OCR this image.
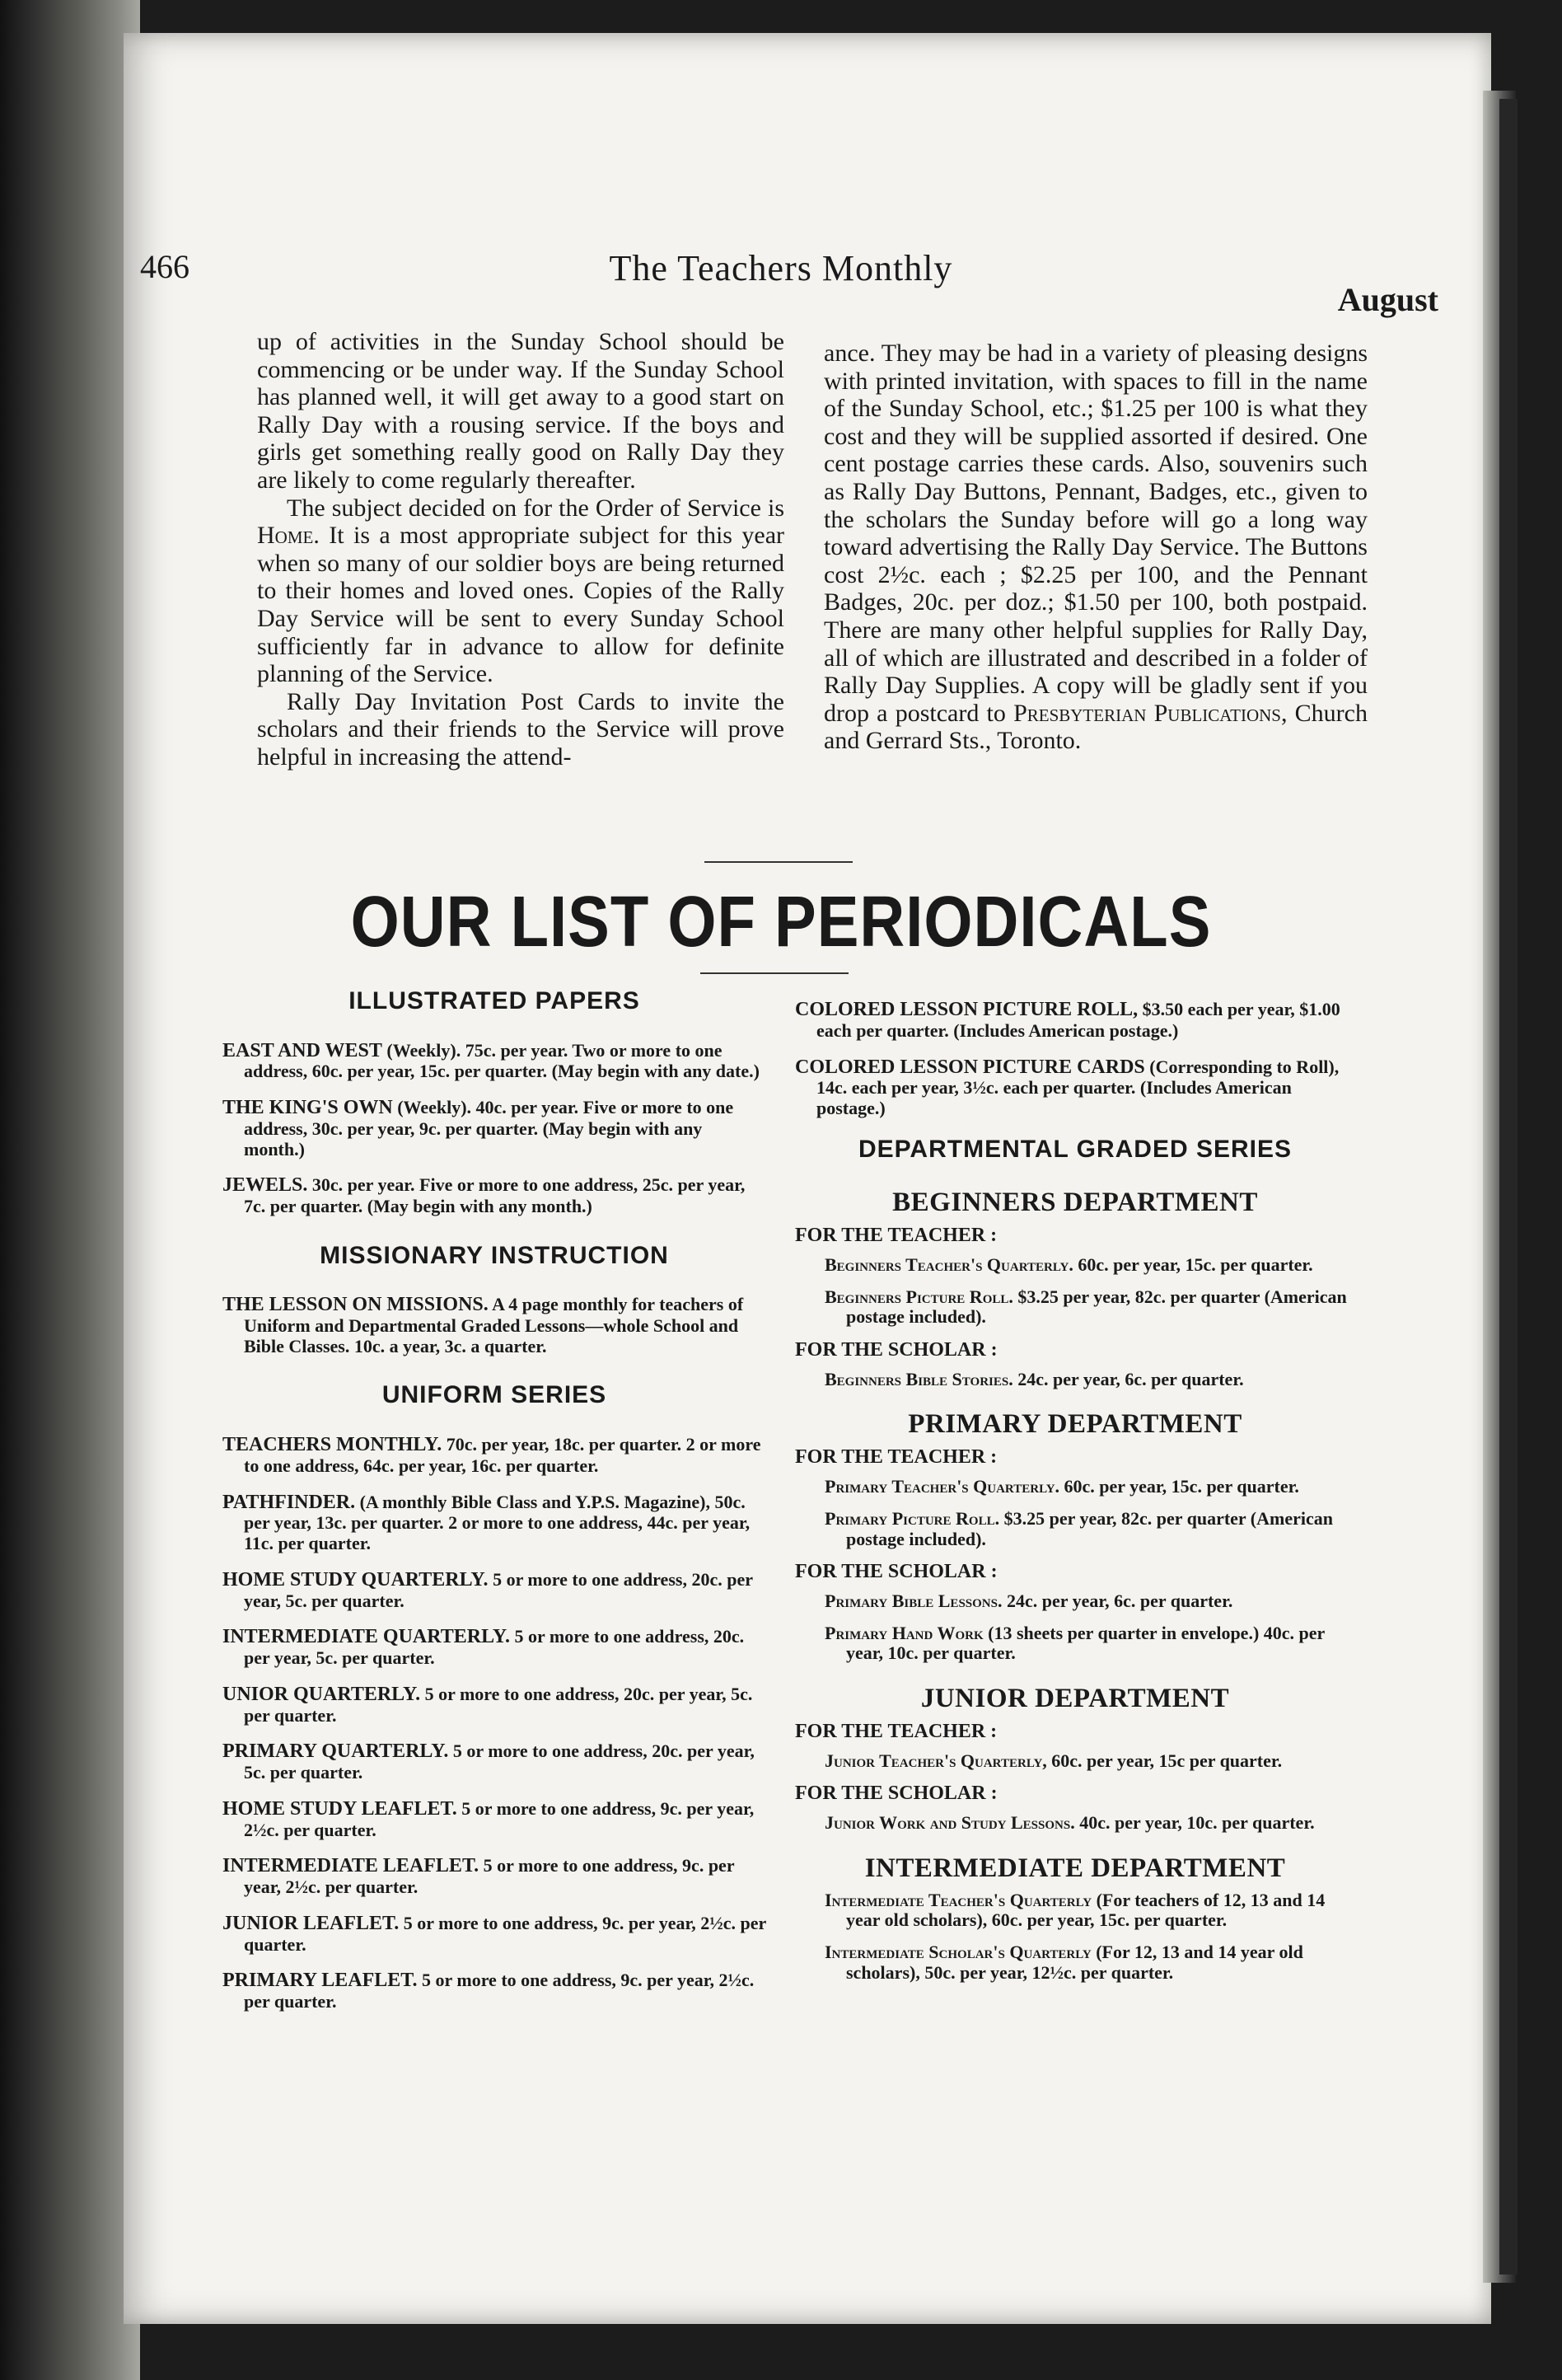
466	The Teachers Monthly
August

up of activities in the Sunday School should be commencing or be under way. If the Sunday School has planned well, it will get away to a good start on Rally Day with a rousing service. If the boys and girls get something really good on Rally Day they are likely to come regularly thereafter.

The subject decided on for the Order of Service is Home. It is a most appropriate subject for this year when so many of our soldier boys are being returned to their homes and loved ones. Copies of the Rally Day Service will be sent to every Sunday School sufficiently far in advance to allow for definite planning of the Service.

Rally Day Invitation Post Cards to invite the scholars and their friends to the Service will prove helpful in increasing the attend-

ance. They may be had in a variety of pleasing designs with printed invitation, with spaces to fill in the name of the Sunday School, etc.; $1.25 per 100 is what they cost and they will be supplied assorted if desired. One cent postage carries these cards. Also, souvenirs such as Rally Day Buttons, Pennant, Badges, etc., given to the scholars the Sunday before will go a long way toward advertising the Rally Day Service. The Buttons cost 2½c. each ; $2.25 per 100, and the Pennant Badges, 20c. per doz.; $1.50 per 100, both postpaid. There are many other helpful supplies for Rally Day, all of which are illustrated and described in a folder of Rally Day Supplies. A copy will be gladly sent if you drop a postcard to Presbyterian Publications, Church and Gerrard Sts., Toronto.

OUR LIST OF PERIODICALS
ILLUSTRATED PAPERS
EAST AND WEST (Weekly). 75c. per year. Two or more to one address, 60c. per year, 15c. per quarter. (May begin with any date.)
THE KING'S OWN (Weekly). 40c. per year. Five or more to one address, 30c. per year, 9c. per quarter. (May begin with any month.)
JEWELS. 30c. per year. Five or more to one address, 25c. per year, 7c. per quarter. (May begin with any month.)
MISSIONARY INSTRUCTION
THE LESSON ON MISSIONS. A 4 page monthly for teachers of Uniform and Departmental Graded Lessons—whole School and Bible Classes. 10c. a year, 3c. a quarter.
UNIFORM SERIES
TEACHERS MONTHLY. 70c. per year, 18c. per quarter. 2 or more to one address, 64c. per year, 16c. per quarter.
PATHFINDER. (A monthly Bible Class and Y.P.S. Magazine), 50c. per year, 13c. per quarter. 2 or more to one address, 44c. per year, 11c. per quarter.
HOME STUDY QUARTERLY. 5 or more to one address, 20c. per year, 5c. per quarter.
INTERMEDIATE QUARTERLY. 5 or more to one address, 20c. per year, 5c. per quarter.
UNIOR QUARTERLY. 5 or more to one address, 20c. per year, 5c. per quarter.
PRIMARY QUARTERLY. 5 or more to one address, 20c. per year, 5c. per quarter.
HOME STUDY LEAFLET. 5 or more to one address, 9c. per year, 2½c. per quarter.
INTERMEDIATE LEAFLET. 5 or more to one address, 9c. per year, 2½c. per quarter.
JUNIOR LEAFLET. 5 or more to one address, 9c. per year, 2½c. per quarter.
PRIMARY LEAFLET. 5 or more to one address, 9c. per year, 2½c. per quarter.
COLORED LESSON PICTURE ROLL, $3.50 each per year, $1.00 each per quarter. (Includes American postage.)
COLORED LESSON PICTURE CARDS (Corresponding to Roll), 14c. each per year, 3½c. each per quarter. (Includes American postage.)
DEPARTMENTAL GRADED SERIES
BEGINNERS DEPARTMENT
FOR THE TEACHER :
Beginners Teacher's Quarterly. 60c. per year, 15c. per quarter.
Beginners Picture Roll. $3.25 per year, 82c. per quarter (American postage included).
FOR THE SCHOLAR :
Beginners Bible Stories. 24c. per year, 6c. per quarter.
PRIMARY DEPARTMENT
FOR THE TEACHER :
Primary Teacher's Quarterly. 60c. per year, 15c. per quarter.
Primary Picture Roll. $3.25 per year, 82c. per quarter (American postage included).
FOR THE SCHOLAR :
Primary Bible Lessons. 24c. per year, 6c. per quarter.
Primary Hand Work (13 sheets per quarter in envelope.) 40c. per year, 10c. per quarter.
JUNIOR DEPARTMENT
FOR THE TEACHER :
Junior Teacher's Quarterly, 60c. per year, 15c per quarter.
FOR THE SCHOLAR :
Junior Work and Study Lessons. 40c. per year, 10c. per quarter.
INTERMEDIATE DEPARTMENT
Intermediate Teacher's Quarterly (For teachers of 12, 13 and 14 year old scholars), 60c. per year, 15c. per quarter.
Intermediate Scholar's Quarterly (For 12, 13 and 14 year old scholars), 50c. per year, 12½c. per quarter.
